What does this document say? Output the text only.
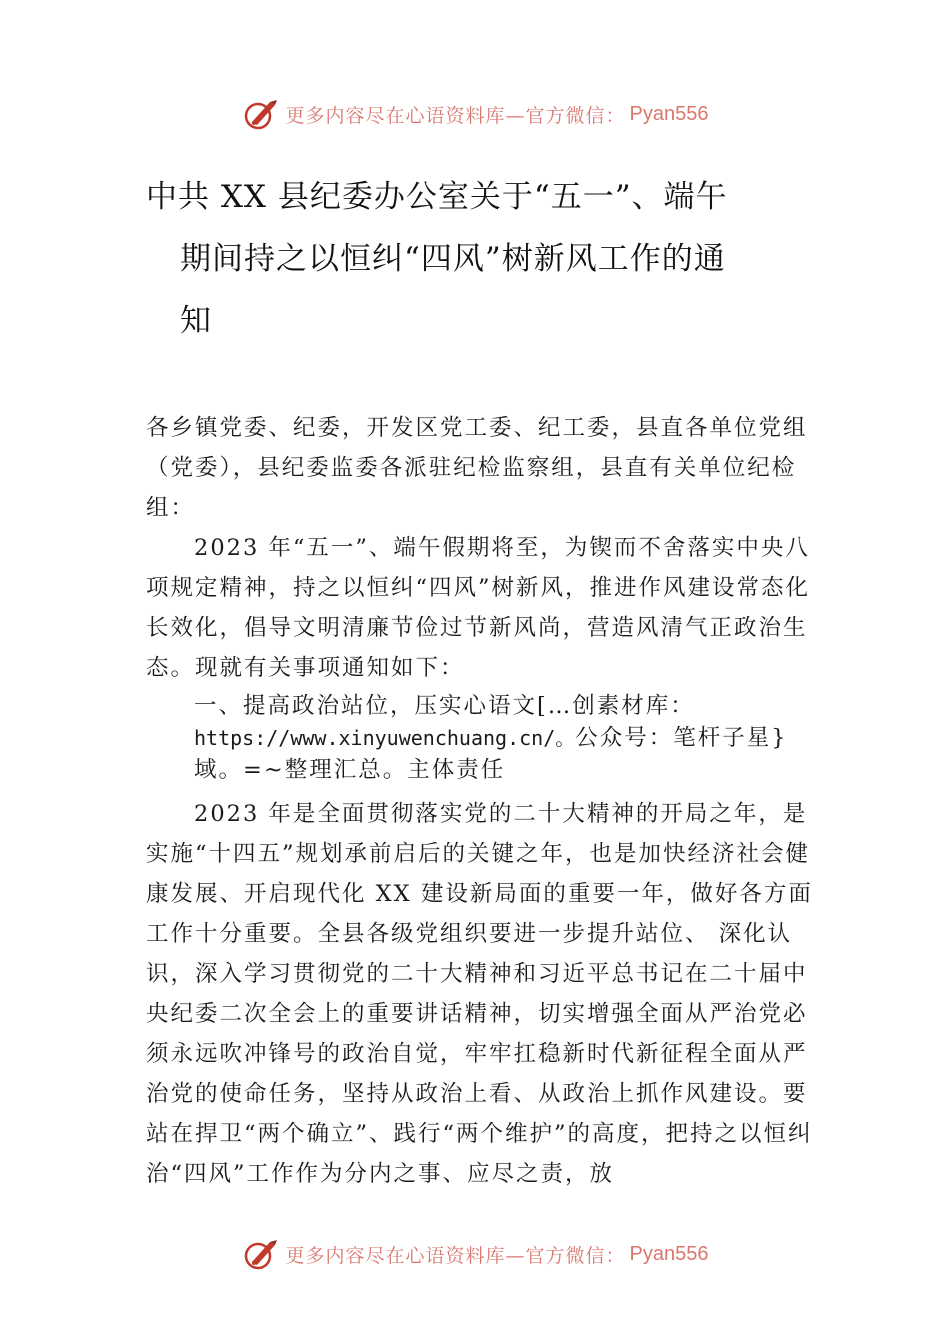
更多内容尽在心语资料库—官方微信： Pyan556
中共 XX 县纪委办公室关于“五一”、端午
期间持之以恒纠“四风”树新风工作的通
知
各乡镇党委、纪委，开发区党工委、纪工委，县直各单位党组（党委），县纪委监委各派驻纪检监察组，县直有关单位纪检组：
2023 年“五一”、端午假期将至，为锲而不舍落实中央八项规定精神，持之以恒纠“四风”树新风，推进作风建设常态化长效化，倡导文明清廉节俭过节新风尚，营造风清气正政治生态。现就有关事项通知如下：
一、提高政治站位，压实心语文[…创素材库：https://www.xinyuwenchuang.cn/。公众号：笔杆子星}域。=~整理汇总。主体责任
2023 年是全面贯彻落实党的二十大精神的开局之年，是实施“十四五”规划承前启后的关键之年，也是加快经济社会健康发展、开启现代化 XX 建设新局面的重要一年，做好各方面工作十分重要。全县各级党组织要进一步提升站位、 深化认识，深入学习贯彻党的二十大精神和习近平总书记在二十届中央纪委二次全会上的重要讲话精神，切实增强全面从严治党必须永远吹冲锋号的政治自觉，牢牢扛稳新时代新征程全面从严治党的使命任务，坚持从政治上看、从政治上抓作风建设。要站在捍卫“两个确立”、践行“两个维护”的高度，把持之以恒纠治“四风”工作作为分内之事、应尽之责，放
更多内容尽在心语资料库—官方微信： Pyan556
